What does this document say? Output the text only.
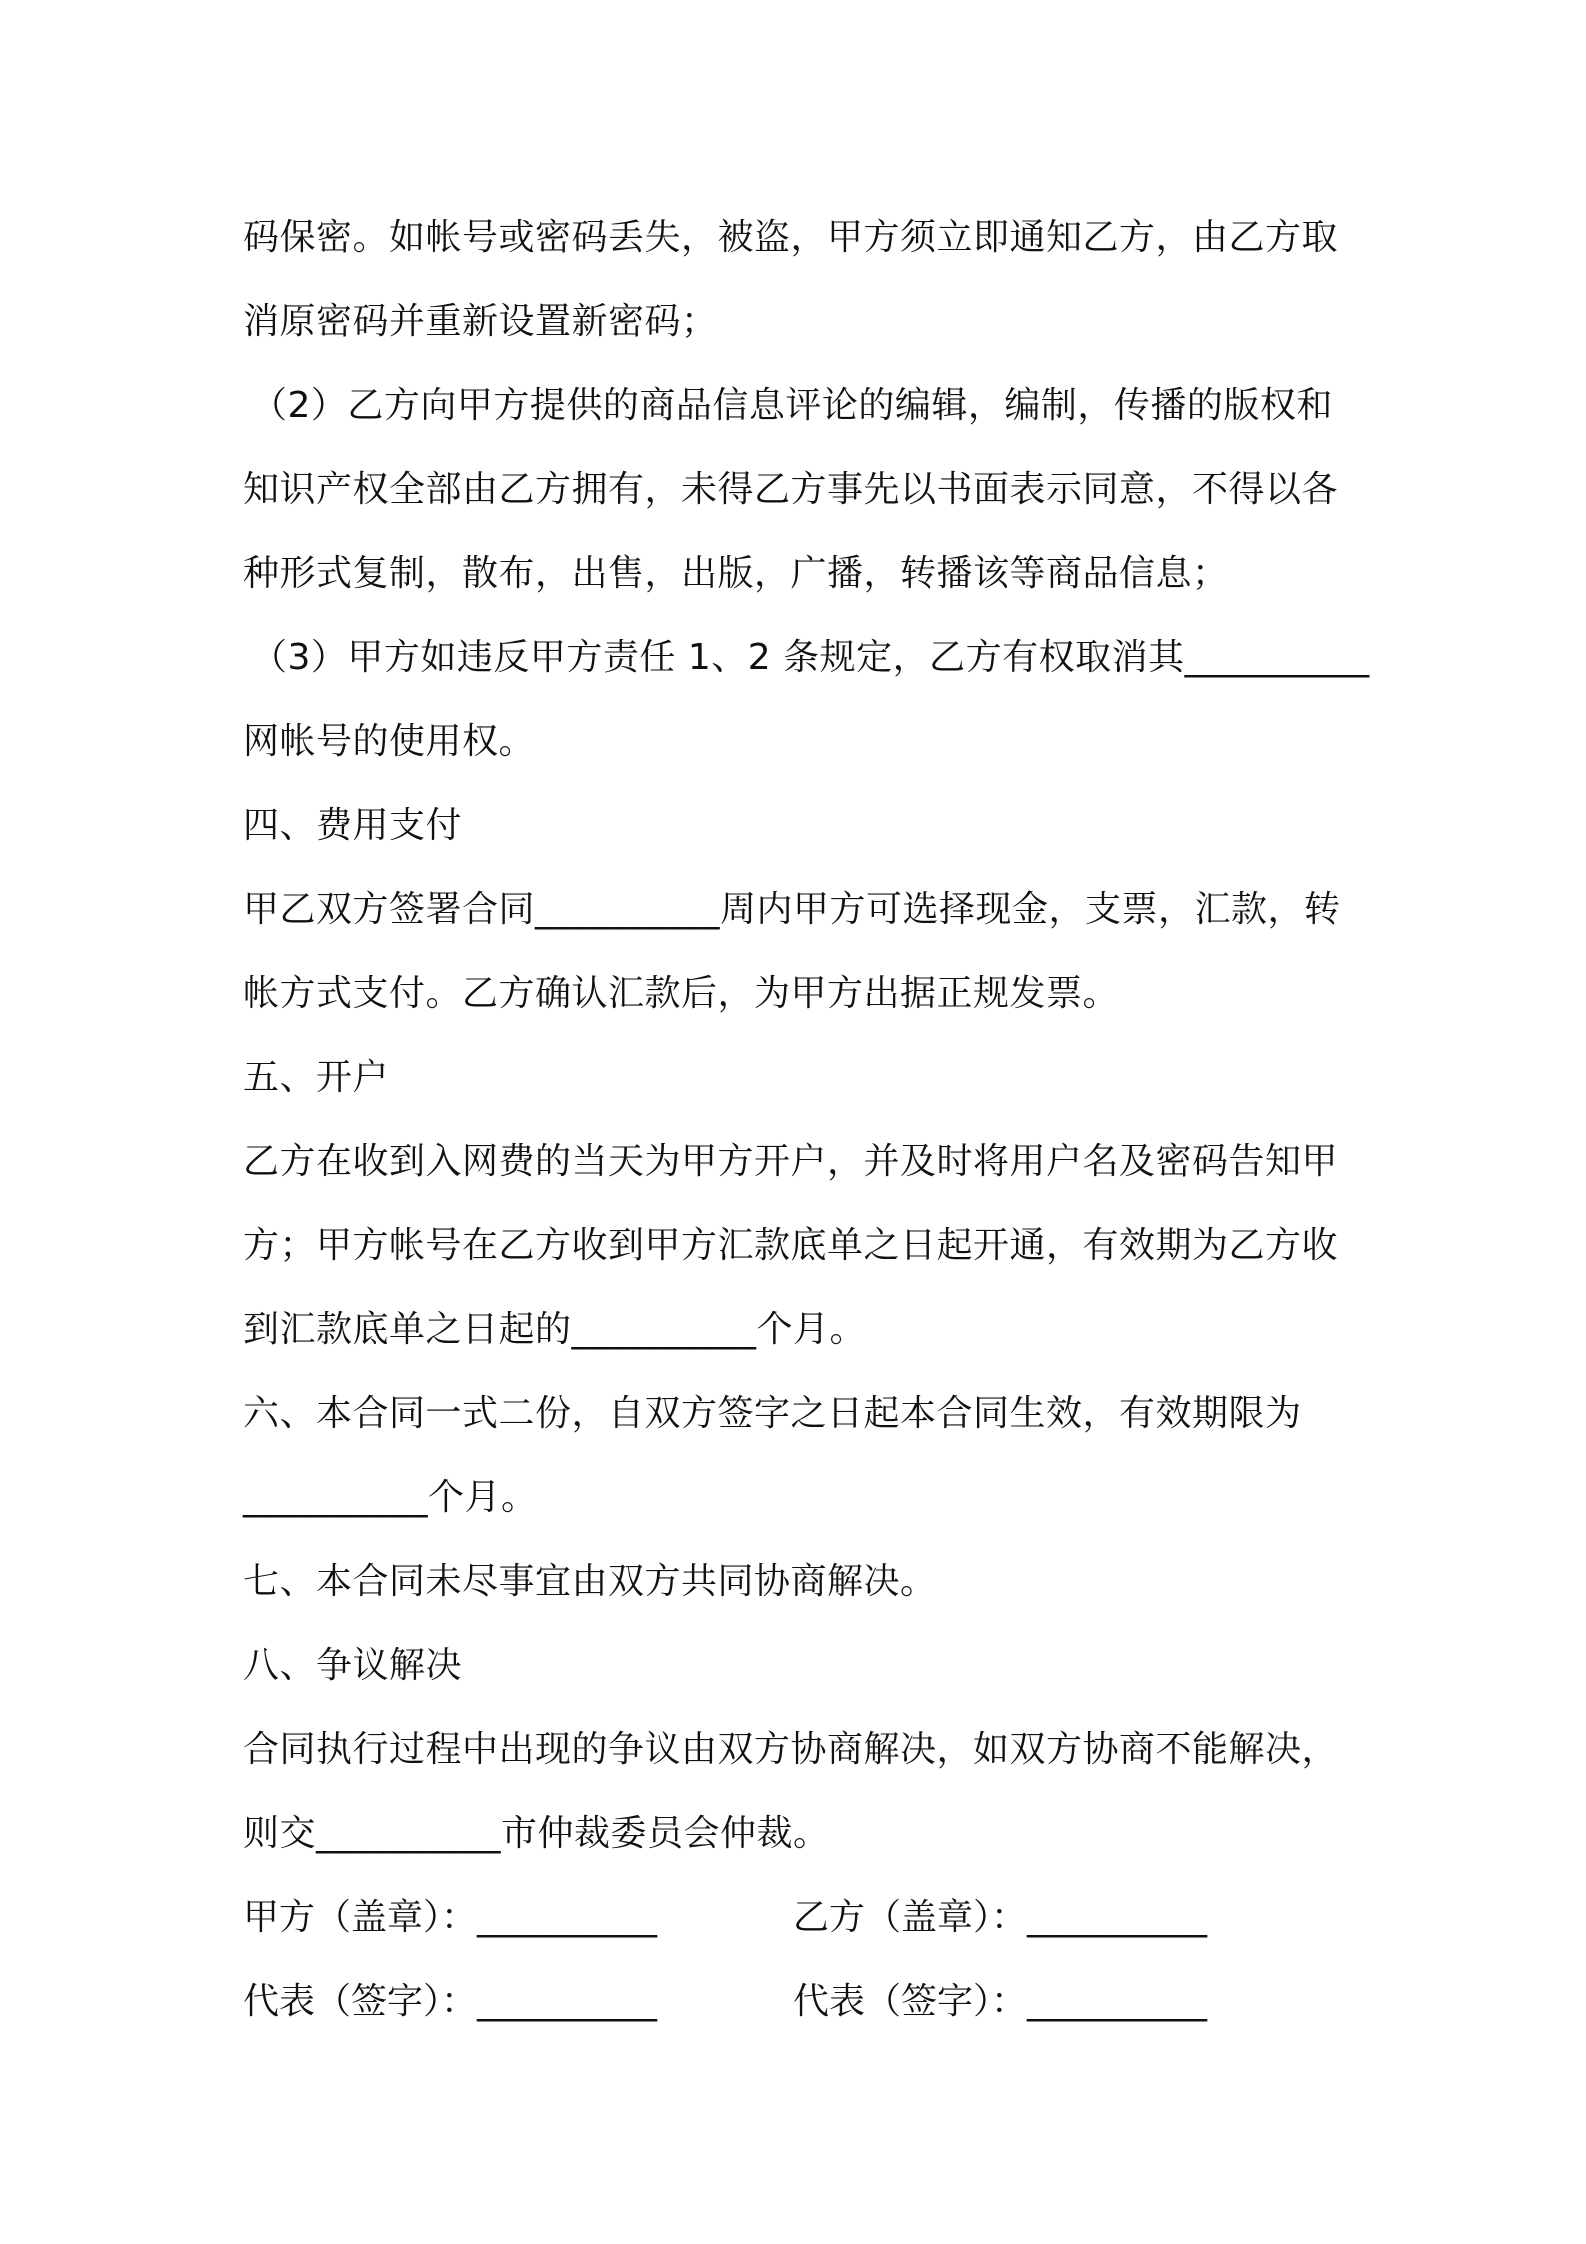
码保密。如帐号或密码丢失，被盗，甲方须立即通知乙方，由乙方取
消原密码并重新设置新密码；
（2）乙方向甲方提供的商品信息评论的编辑，编制，传播的版权和
知识产权全部由乙方拥有，未得乙方事先以书面表示同意，不得以各
种形式复制，散布，出售，出版，广播，转播该等商品信息；
（3）甲方如违反甲方责任 1、2 条规定，乙方有权取消其__________
网帐号的使用权。
四、费用支付
甲乙双方签署合同__________周内甲方可选择现金，支票，汇款，转
帐方式支付。乙方确认汇款后，为甲方出据正规发票。
五、开户
乙方在收到入网费的当天为甲方开户，并及时将用户名及密码告知甲
方；甲方帐号在乙方收到甲方汇款底单之日起开通，有效期为乙方收
到汇款底单之日起的__________个月。
六、本合同一式二份，自双方签字之日起本合同生效，有效期限为
__________个月。
七、本合同未尽事宜由双方共同协商解决。
八、争议解决
合同执行过程中出现的争议由双方协商解决，如双方协商不能解决，
则交__________市仲裁委员会仲裁。
甲方（盖章）：__________	乙方（盖章）：__________
代表（签字）：__________	代表（签字）：__________
